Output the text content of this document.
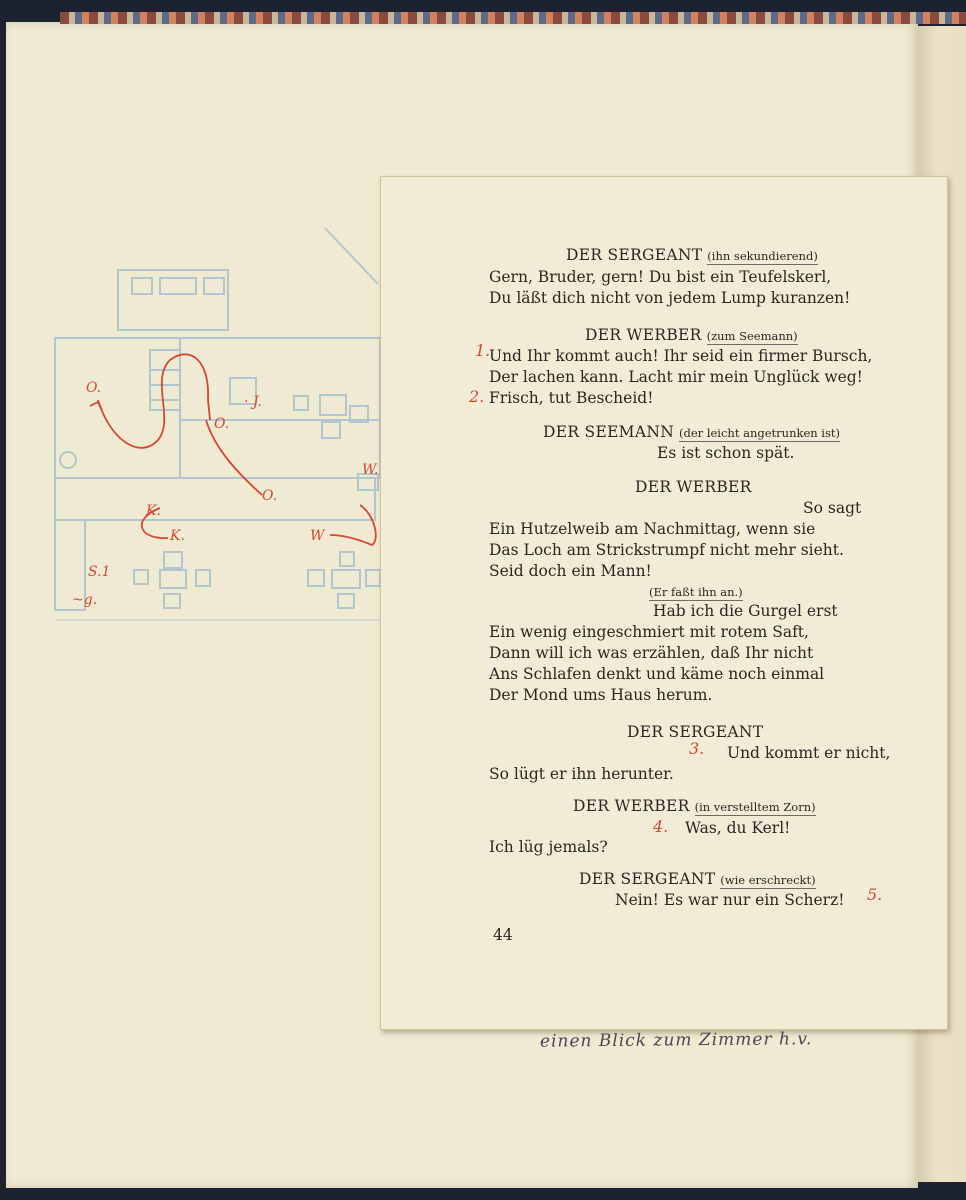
O.
O.
O.
· J.
W.
W
K.
K.
S.1
~g.
DER SERGEANT (ihn sekundierend)
Gern, Bruder, gern! Du bist ein Teufelskerl,
Du läßt dich nicht von jedem Lump kuranzen!
DER WERBER (zum Seemann)
Und Ihr kommt auch! Ihr seid ein firmer Bursch,
Der lachen kann. Lacht mir mein Unglück weg!
Frisch, tut Bescheid!
DER SEEMANN (der leicht angetrunken ist)
Es ist schon spät.
DER WERBER
So sagt
Ein Hutzelweib am Nachmittag, wenn sie
Das Loch am Strickstrumpf nicht mehr sieht.
Seid doch ein Mann!
(Er faßt ihn an.)
Hab ich die Gurgel erst
Ein wenig eingeschmiert mit rotem Saft,
Dann will ich was erzählen, daß Ihr nicht
Ans Schlafen denkt und käme noch einmal
Der Mond ums Haus herum.
DER SERGEANT
Und kommt er nicht,
So lügt er ihn herunter.
DER WERBER (in verstelltem Zorn)
Was, du Kerl!
Ich lüg jemals?
DER SERGEANT (wie erschreckt)
Nein! Es war nur ein Scherz!
1.
2.
3.
4.
5.
44
einen Blick zum Zimmer h.v.
